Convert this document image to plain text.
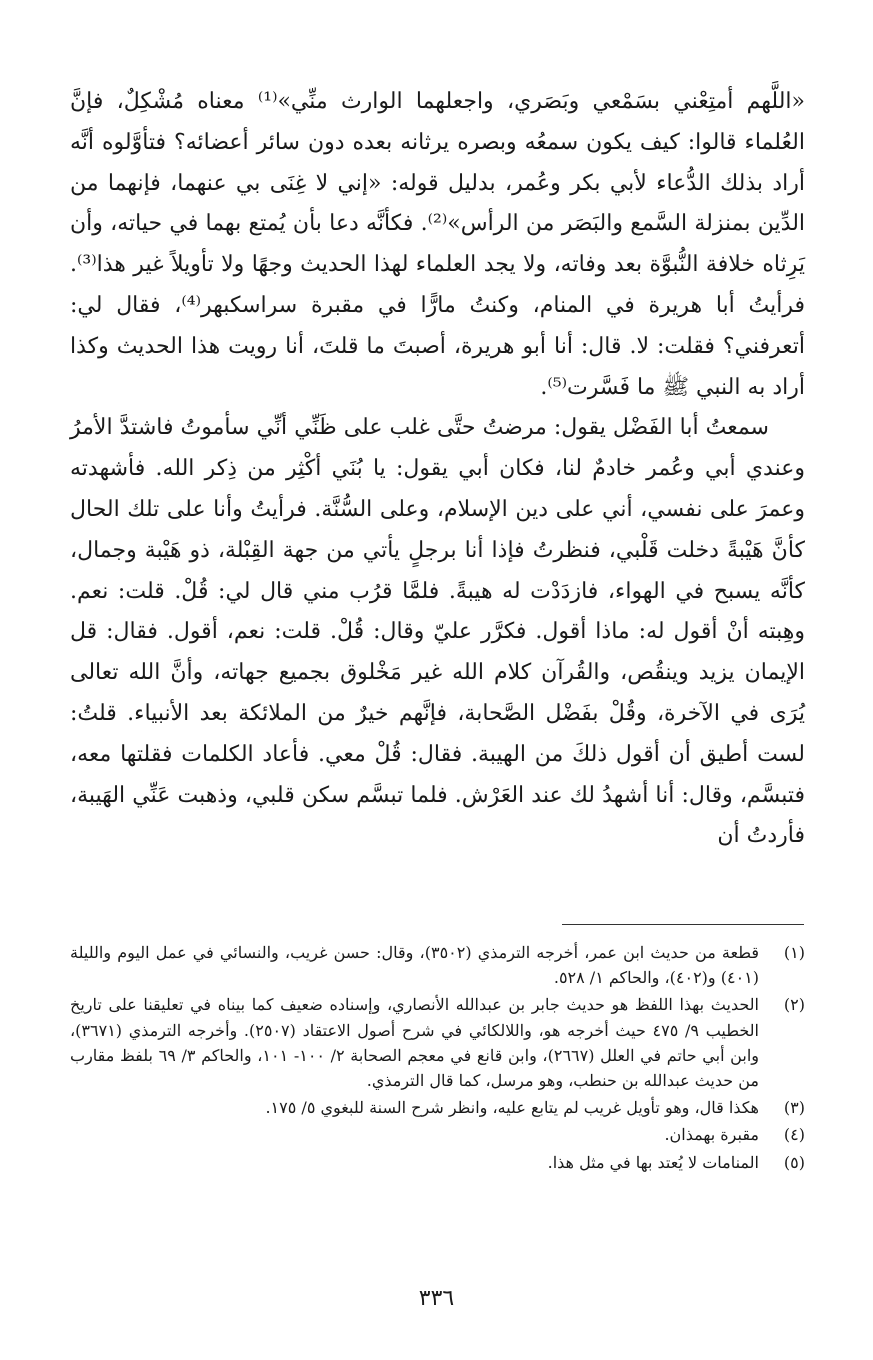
«اللَّهم أمتِعْني بسَمْعي وبَصَري، واجعلهما الوارث منِّي»⁽¹⁾ معناه مُشْكِلٌ، فإنَّ العُلماء قالوا: كيف يكون سمعُه وبصره يرثانه بعده دون سائر أعضائه؟ فتأوَّلوه أنَّه أراد بذلك الدُّعاء لأبي بكر وعُمر، بدليل قوله: «إني لا غِنَى بي عنهما، فإنهما من الدِّين بمنزلة السَّمع والبَصَر من الرأس»⁽²⁾. فكأنَّه دعا بأن يُمتع بهما في حياته، وأن يَرِثاه خلافة النُّبوَّة بعد وفاته، ولا يجد العلماء لهذا الحديث وجهًا ولا تأويلاً غير هذا⁽³⁾. فرأيتُ أبا هريرة في المنام، وكنتُ مارًّا في مقبرة سراسكبهر⁽⁴⁾، فقال لي: أتعرفني؟ فقلت: لا. قال: أنا أبو هريرة، أصبتَ ما قلتَ، أنا رويت هذا الحديث وكذا أراد به النبي ﷺ ما فَسَّرت⁽⁵⁾.

سمعتُ أبا الفَضْل يقول: مرضتُ حتَّى غلب على ظَنِّي أنِّي سأموتُ فاشتدَّ الأمرُ وعندي أبي وعُمر خادمٌ لنا، فكان أبي يقول: يا بُنَي أكْثِر من ذِكر الله. فأشهدته وعمرَ على نفسي، أني على دين الإسلام، وعلى السُّنَّة. فرأيتُ وأنا على تلك الحال كأنَّ هَيْبةً دخلت قَلْبي، فنظرتُ فإذا أنا برجلٍ يأتي من جهة القِبْلة، ذو هَيْبة وجمال، كأنَّه يسبح في الهواء، فازدَدْت له هيبةً. فلمَّا قرُب مني قال لي: قُلْ. قلت: نعم. وهِبته أنْ أقول له: ماذا أقول. فكرَّر عليّ وقال: قُلْ. قلت: نعم، أقول. فقال: قل الإيمان يزيد وينقُص، والقُرآن كلام الله غير مَخْلوق بجميع جهاته، وأنَّ الله تعالى يُرَى في الآخرة، وقُلْ بفَضْل الصَّحابة، فإنَّهم خيرٌ من الملائكة بعد الأنبياء. قلتُ: لست أطيق أن أقول ذلكَ من الهيبة. فقال: قُلْ معي. فأعاد الكلمات فقلتها معه، فتبسَّم، وقال: أنا أشهدُ لك عند العَرْش. فلما تبسَّم سكن قلبي، وذهبت عَنِّي الهَيبة، فأردتُ أن

(١)
قطعة من حديث ابن عمر، أخرجه الترمذي (٣٥٠٢)، وقال: حسن غريب، والنسائي في عمل اليوم والليلة (٤٠١) و(٤٠٢)، والحاكم ١/ ٥٢٨.
(٢)
الحديث بهذا اللفظ هو حديث جابر بن عبدالله الأنصاري، وإسناده ضعيف كما بيناه في تعليقنا على تاريخ الخطيب ٩/ ٤٧٥ حيث أخرجه هو، واللالكائي في شرح أصول الاعتقاد (٢٥٠٧). وأخرجه الترمذي (٣٦٧١)، وابن أبي حاتم في العلل (٢٦٦٧)، وابن قانع في معجم الصحابة ٢/ ١٠٠- ١٠١، والحاكم ٣/ ٦٩ بلفظ مقارب من حديث عبدالله بن حنطب، وهو مرسل، كما قال الترمذي.
(٣)
هكذا قال، وهو تأويل غريب لم يتابع عليه، وانظر شرح السنة للبغوي ٥/ ١٧٥.
(٤)
مقبرة بهمذان.
(٥)
المنامات لا يُعتد بها في مثل هذا.
٣٣٦
